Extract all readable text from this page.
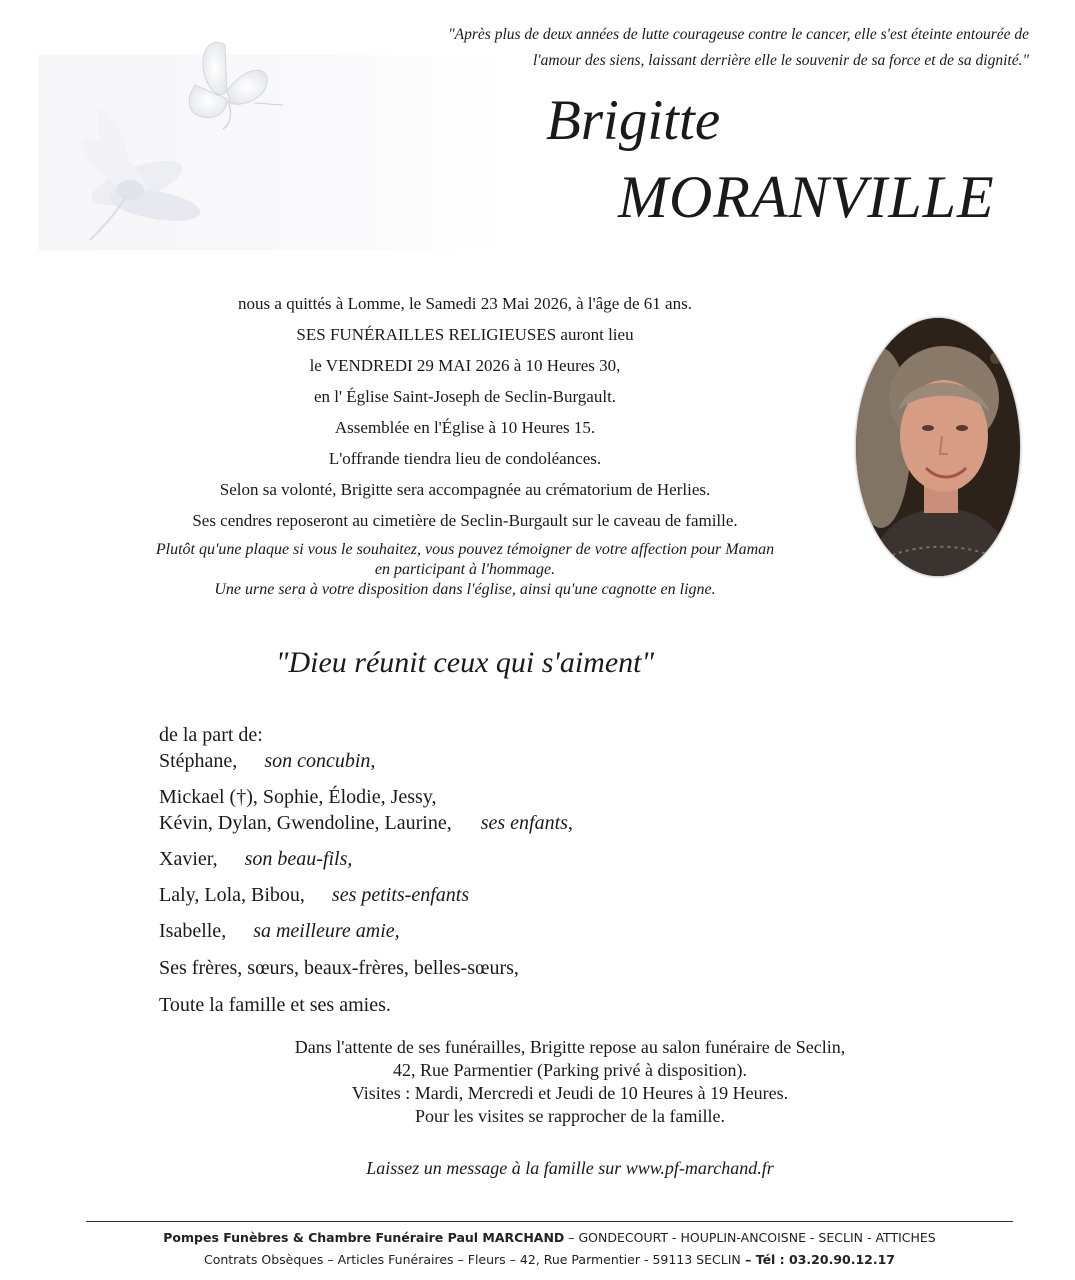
"Après plus de deux années de lutte courageuse contre le cancer, elle s'est éteinte entourée de
l'amour des siens, laissant derrière elle le souvenir de sa force et de sa dignité."
Brigitte
MORANVILLE
nous a quittés à Lomme, le Samedi 23 Mai 2026, à l'âge de 61 ans.
SES FUNÉRAILLES RELIGIEUSES auront lieu
le VENDREDI 29 MAI 2026 à 10 Heures 30,
en l' Église Saint-Joseph de Seclin-Burgault.
Assemblée en l'Église à 10 Heures 15.
L'offrande tiendra lieu de condoléances.
Selon sa volonté, Brigitte sera accompagnée au crématorium de Herlies.
Ses cendres reposeront au cimetière de Seclin-Burgault sur le caveau de famille.
Plutôt qu'une plaque si vous le souhaitez, vous pouvez témoigner de votre affection pour Maman
en participant à l'hommage.
Une urne sera à votre disposition dans l'église, ainsi qu'une cagnotte en ligne.
"Dieu réunit ceux qui s'aiment"
de la part de:
Stéphane, son concubin,
Mickael (†), Sophie, Élodie, Jessy,
Kévin, Dylan, Gwendoline, Laurine, ses enfants,
Xavier, son beau-fils,
Laly, Lola, Bibou, ses petits-enfants
Isabelle, sa meilleure amie,
Ses frères, sœurs, beaux-frères, belles-sœurs,
Toute la famille et ses amies.
Dans l'attente de ses funérailles, Brigitte repose au salon funéraire de Seclin,
42, Rue Parmentier (Parking privé à disposition).
Visites : Mardi, Mercredi et Jeudi de 10 Heures à 19 Heures.
Pour les visites se rapprocher de la famille.
Laissez un message à la famille sur www.pf-marchand.fr
Pompes Funèbres & Chambre Funéraire Paul MARCHAND – GONDECOURT - HOUPLIN-ANCOISNE - SECLIN - ATTICHES
Contrats Obsèques – Articles Funéraires – Fleurs – 42, Rue Parmentier - 59113 SECLIN – Tél : 03.20.90.12.17
